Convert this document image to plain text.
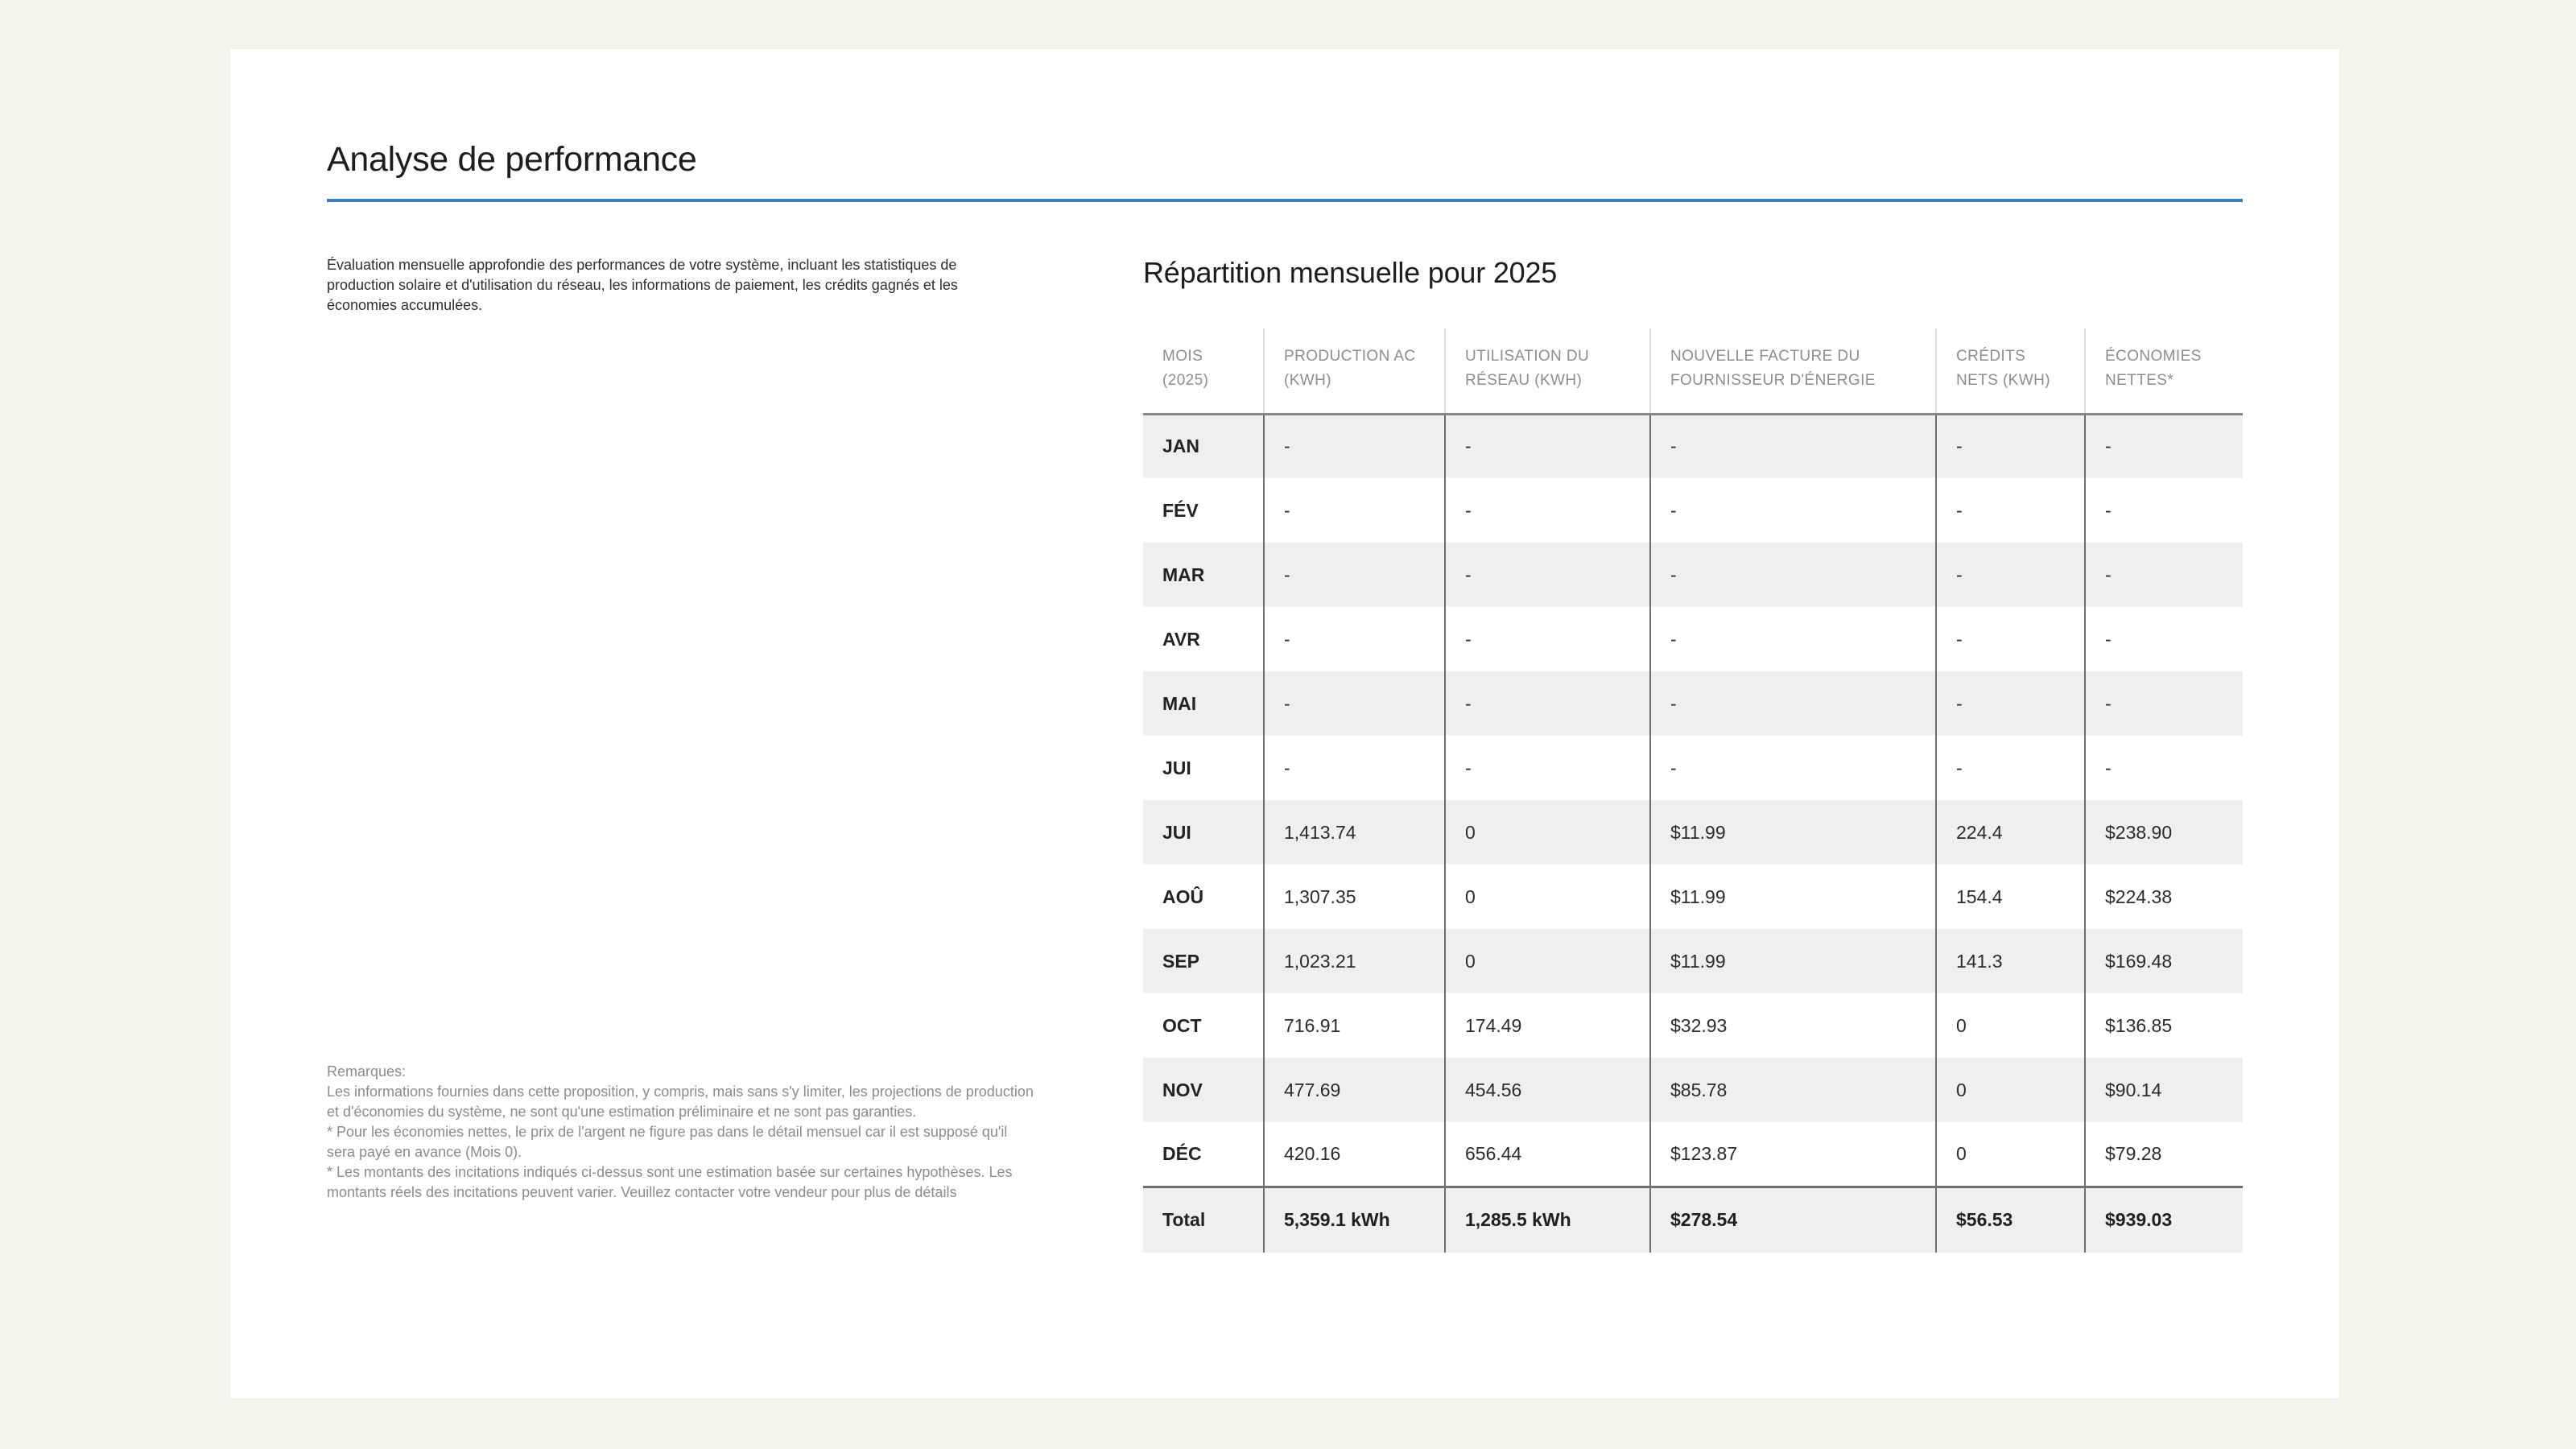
Analyse de performance

Évaluation mensuelle approfondie des performances de votre système, incluant les statistiques de production solaire et d'utilisation du réseau, les informations de paiement, les crédits gagnés et les économies accumulées.

Répartition mensuelle pour 2025
MOIS (2025)	PRODUCTION AC (KWH)	UTILISATION DU RÉSEAU (KWH)	NOUVELLE FACTURE DU FOURNISSEUR D'ÉNERGIE	CRÉDITS NETS (KWH)	ÉCONOMIES NETTES*
JAN	-	-	-	-	-
FÉV	-	-	-	-	-
MAR	-	-	-	-	-
AVR	-	-	-	-	-
MAI	-	-	-	-	-
JUI	-	-	-	-	-
JUI	1,413.74	0	$11.99	224.4	$238.90
AOÛ	1,307.35	0	$11.99	154.4	$224.38
SEP	1,023.21	0	$11.99	141.3	$169.48
OCT	716.91	174.49	$32.93	0	$136.85
NOV	477.69	454.56	$85.78	0	$90.14
DÉC	420.16	656.44	$123.87	0	$79.28
Total	5,359.1 kWh	1,285.5 kWh	$278.54	$56.53	$939.03

Remarques:

Les informations fournies dans cette proposition, y compris, mais sans s'y limiter, les projections de production et d'économies du système, ne sont qu'une estimation préliminaire et ne sont pas garanties.

* Pour les économies nettes, le prix de l'argent ne figure pas dans le détail mensuel car il est supposé qu'il sera payé en avance (Mois 0).

* Les montants des incitations indiqués ci-dessus sont une estimation basée sur certaines hypothèses. Les montants réels des incitations peuvent varier. Veuillez contacter votre vendeur pour plus de détails
